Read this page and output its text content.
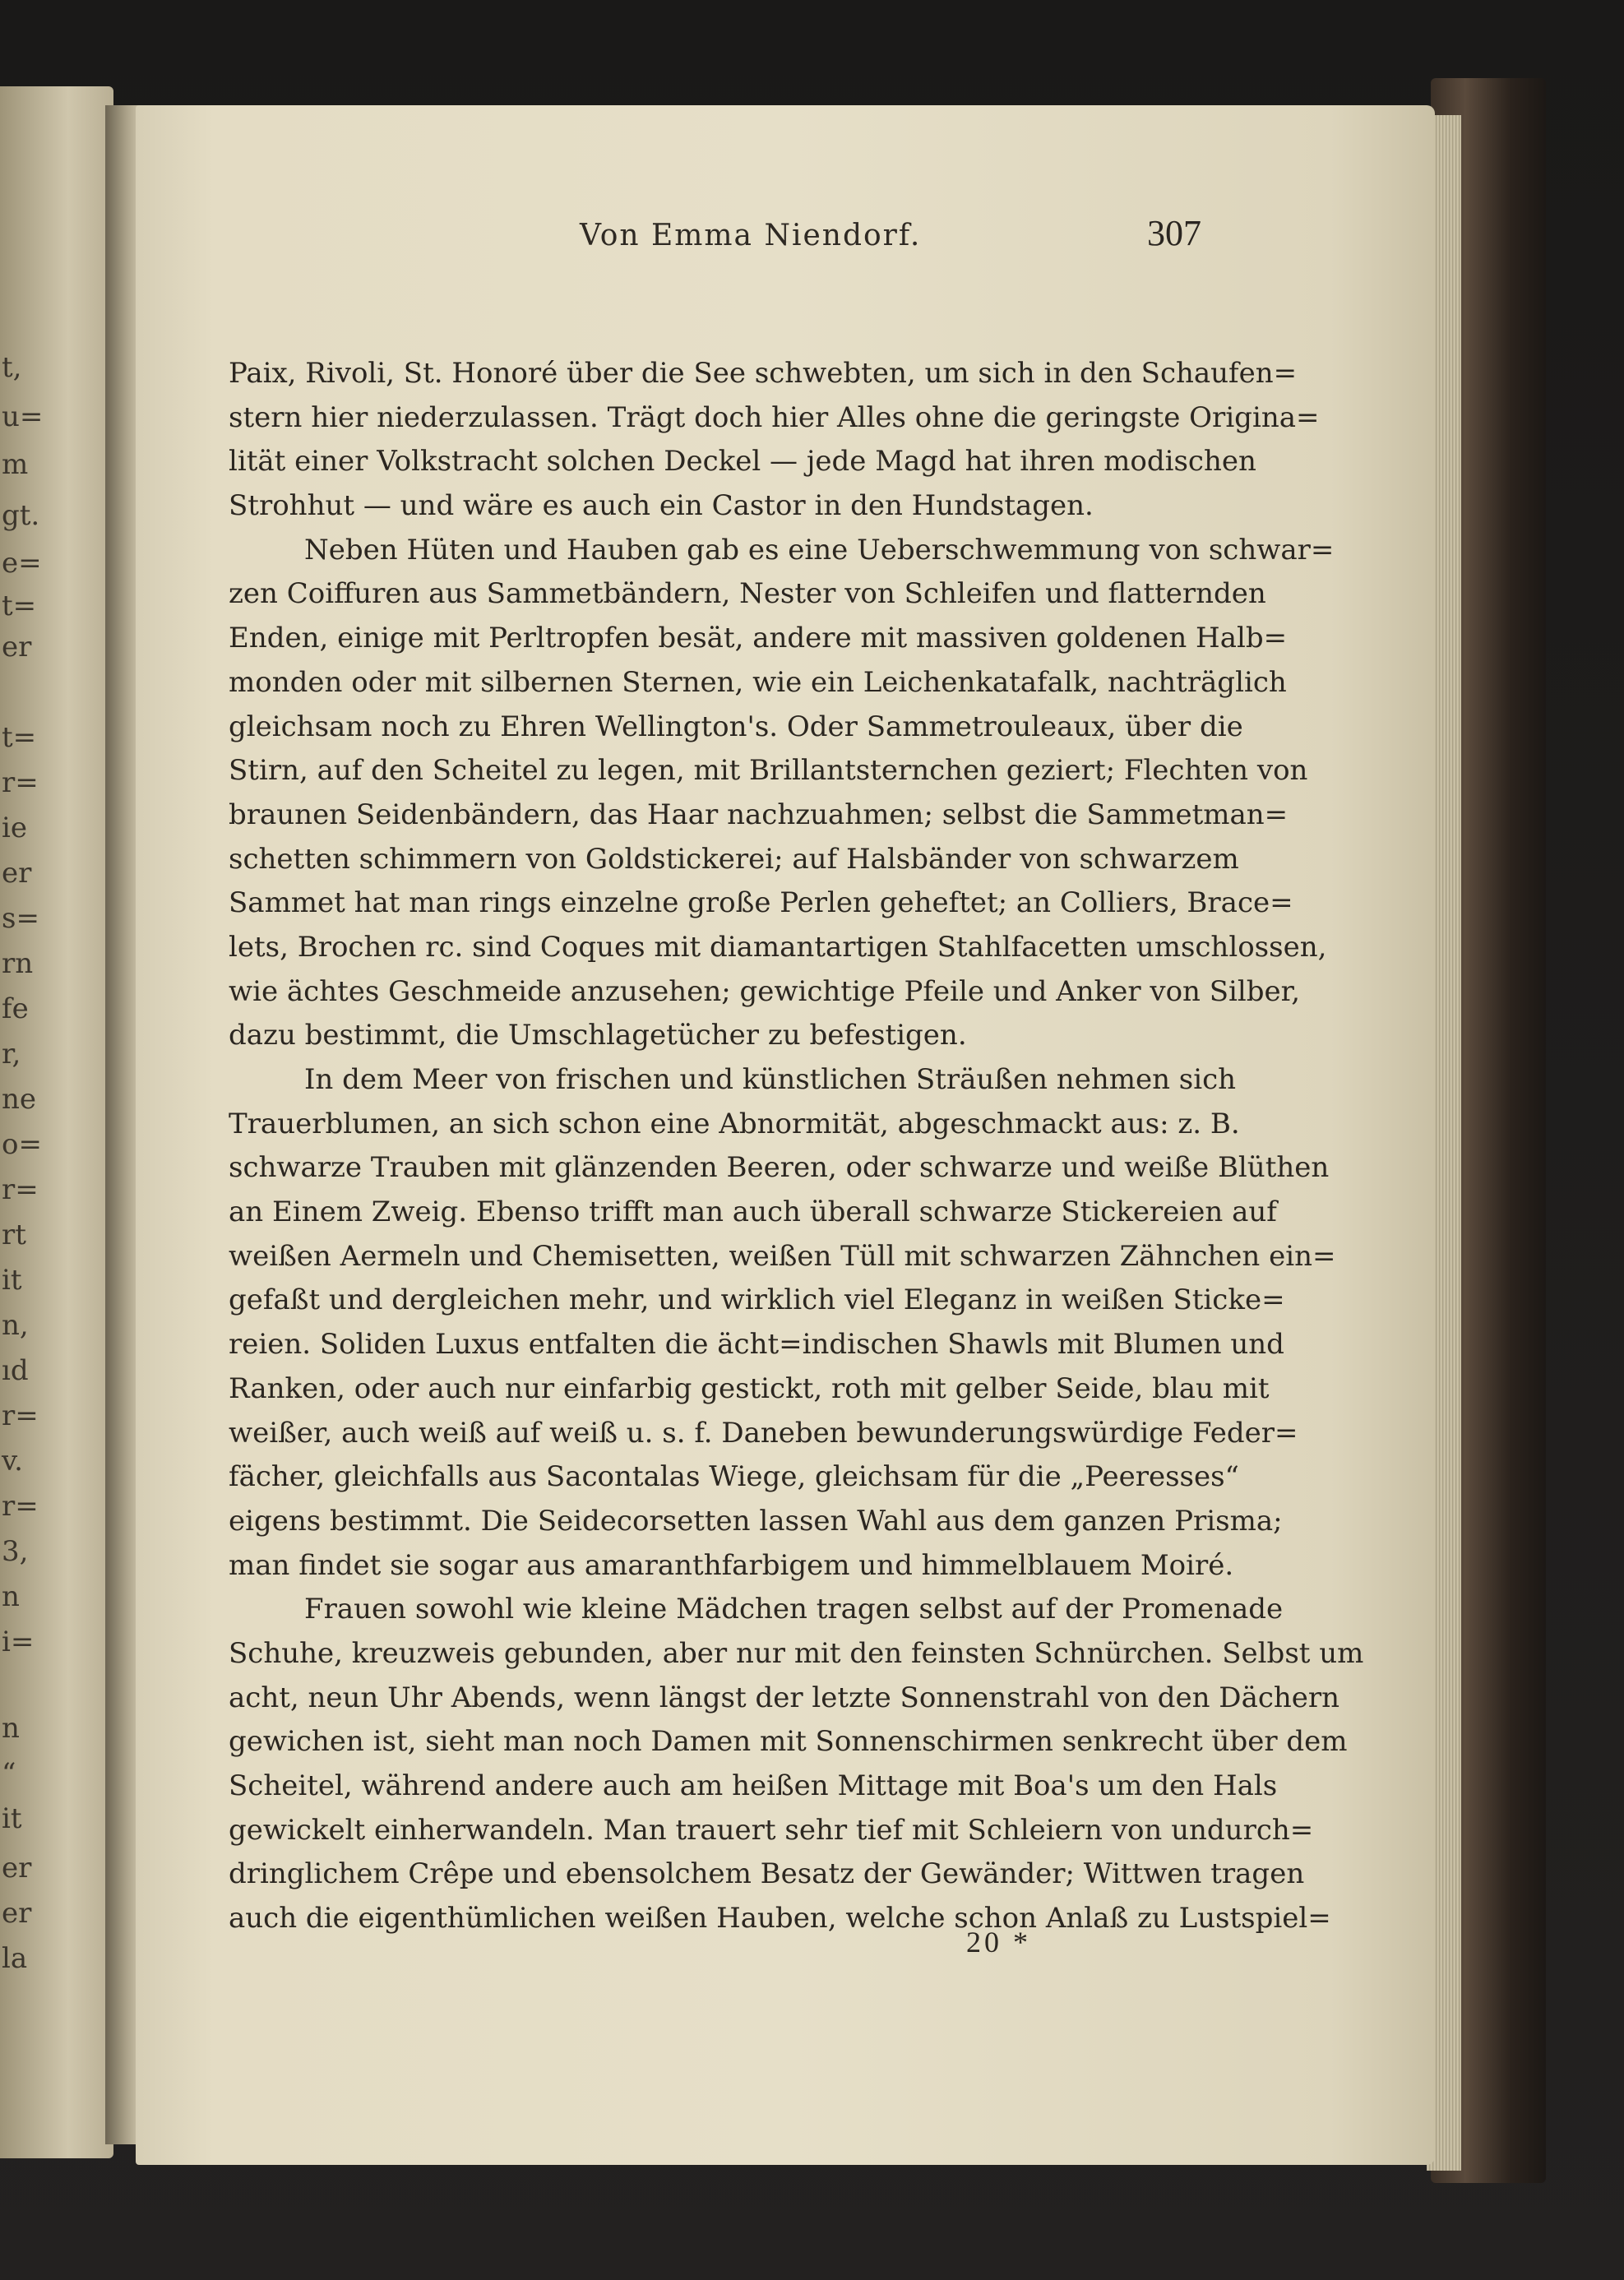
t,
u=
m
gt.
e=
t=
er
t=
r=
ie
er
s=
rn
fe
r,
ne
o=
r=
rt
it
n,
ıd
r=
v.
r=
3,
n
i=
n
“
it
er
er
la
Von Emma Niendorf.	307
Paix, Rivoli, St. Honoré über die See schwebten, um sich in den Schaufen=
stern hier niederzulassen. Trägt doch hier Alles ohne die geringste Origina=
lität einer Volkstracht solchen Deckel — jede Magd hat ihren modischen
Strohhut — und wäre es auch ein Castor in den Hundstagen.
Neben Hüten und Hauben gab es eine Ueberschwemmung von schwar=
zen Coiffuren aus Sammetbändern, Nester von Schleifen und flatternden
Enden, einige mit Perltropfen besät, andere mit massiven goldenen Halb=
monden oder mit silbernen Sternen, wie ein Leichenkatafalk, nachträglich
gleichsam noch zu Ehren Wellington's. Oder Sammetrouleaux, über die
Stirn, auf den Scheitel zu legen, mit Brillantsternchen geziert; Flechten von
braunen Seidenbändern, das Haar nachzuahmen; selbst die Sammetman=
schetten schimmern von Goldstickerei; auf Halsbänder von schwarzem
Sammet hat man rings einzelne große Perlen geheftet; an Colliers, Brace=
lets, Brochen rc. sind Coques mit diamantartigen Stahlfacetten umschlossen,
wie ächtes Geschmeide anzusehen; gewichtige Pfeile und Anker von Silber,
dazu bestimmt, die Umschlagetücher zu befestigen.
In dem Meer von frischen und künstlichen Sträußen nehmen sich
Trauerblumen, an sich schon eine Abnormität, abgeschmackt aus: z. B.
schwarze Trauben mit glänzenden Beeren, oder schwarze und weiße Blüthen
an Einem Zweig. Ebenso trifft man auch überall schwarze Stickereien auf
weißen Aermeln und Chemisetten, weißen Tüll mit schwarzen Zähnchen ein=
gefaßt und dergleichen mehr, und wirklich viel Eleganz in weißen Sticke=
reien. Soliden Luxus entfalten die ächt=indischen Shawls mit Blumen und
Ranken, oder auch nur einfarbig gestickt, roth mit gelber Seide, blau mit
weißer, auch weiß auf weiß u. s. f. Daneben bewunderungswürdige Feder=
fächer, gleichfalls aus Sacontalas Wiege, gleichsam für die „Peeresses“
eigens bestimmt. Die Seidecorsetten lassen Wahl aus dem ganzen Prisma;
man findet sie sogar aus amaranthfarbigem und himmelblauem Moiré.
Frauen sowohl wie kleine Mädchen tragen selbst auf der Promenade
Schuhe, kreuzweis gebunden, aber nur mit den feinsten Schnürchen. Selbst um
acht, neun Uhr Abends, wenn längst der letzte Sonnenstrahl von den Dächern
gewichen ist, sieht man noch Damen mit Sonnenschirmen senkrecht über dem
Scheitel, während andere auch am heißen Mittage mit Boa's um den Hals
gewickelt einherwandeln. Man trauert sehr tief mit Schleiern von undurch=
dringlichem Crêpe und ebensolchem Besatz der Gewänder; Wittwen tragen
auch die eigenthümlichen weißen Hauben, welche schon Anlaß zu Lustspiel=
20 *
